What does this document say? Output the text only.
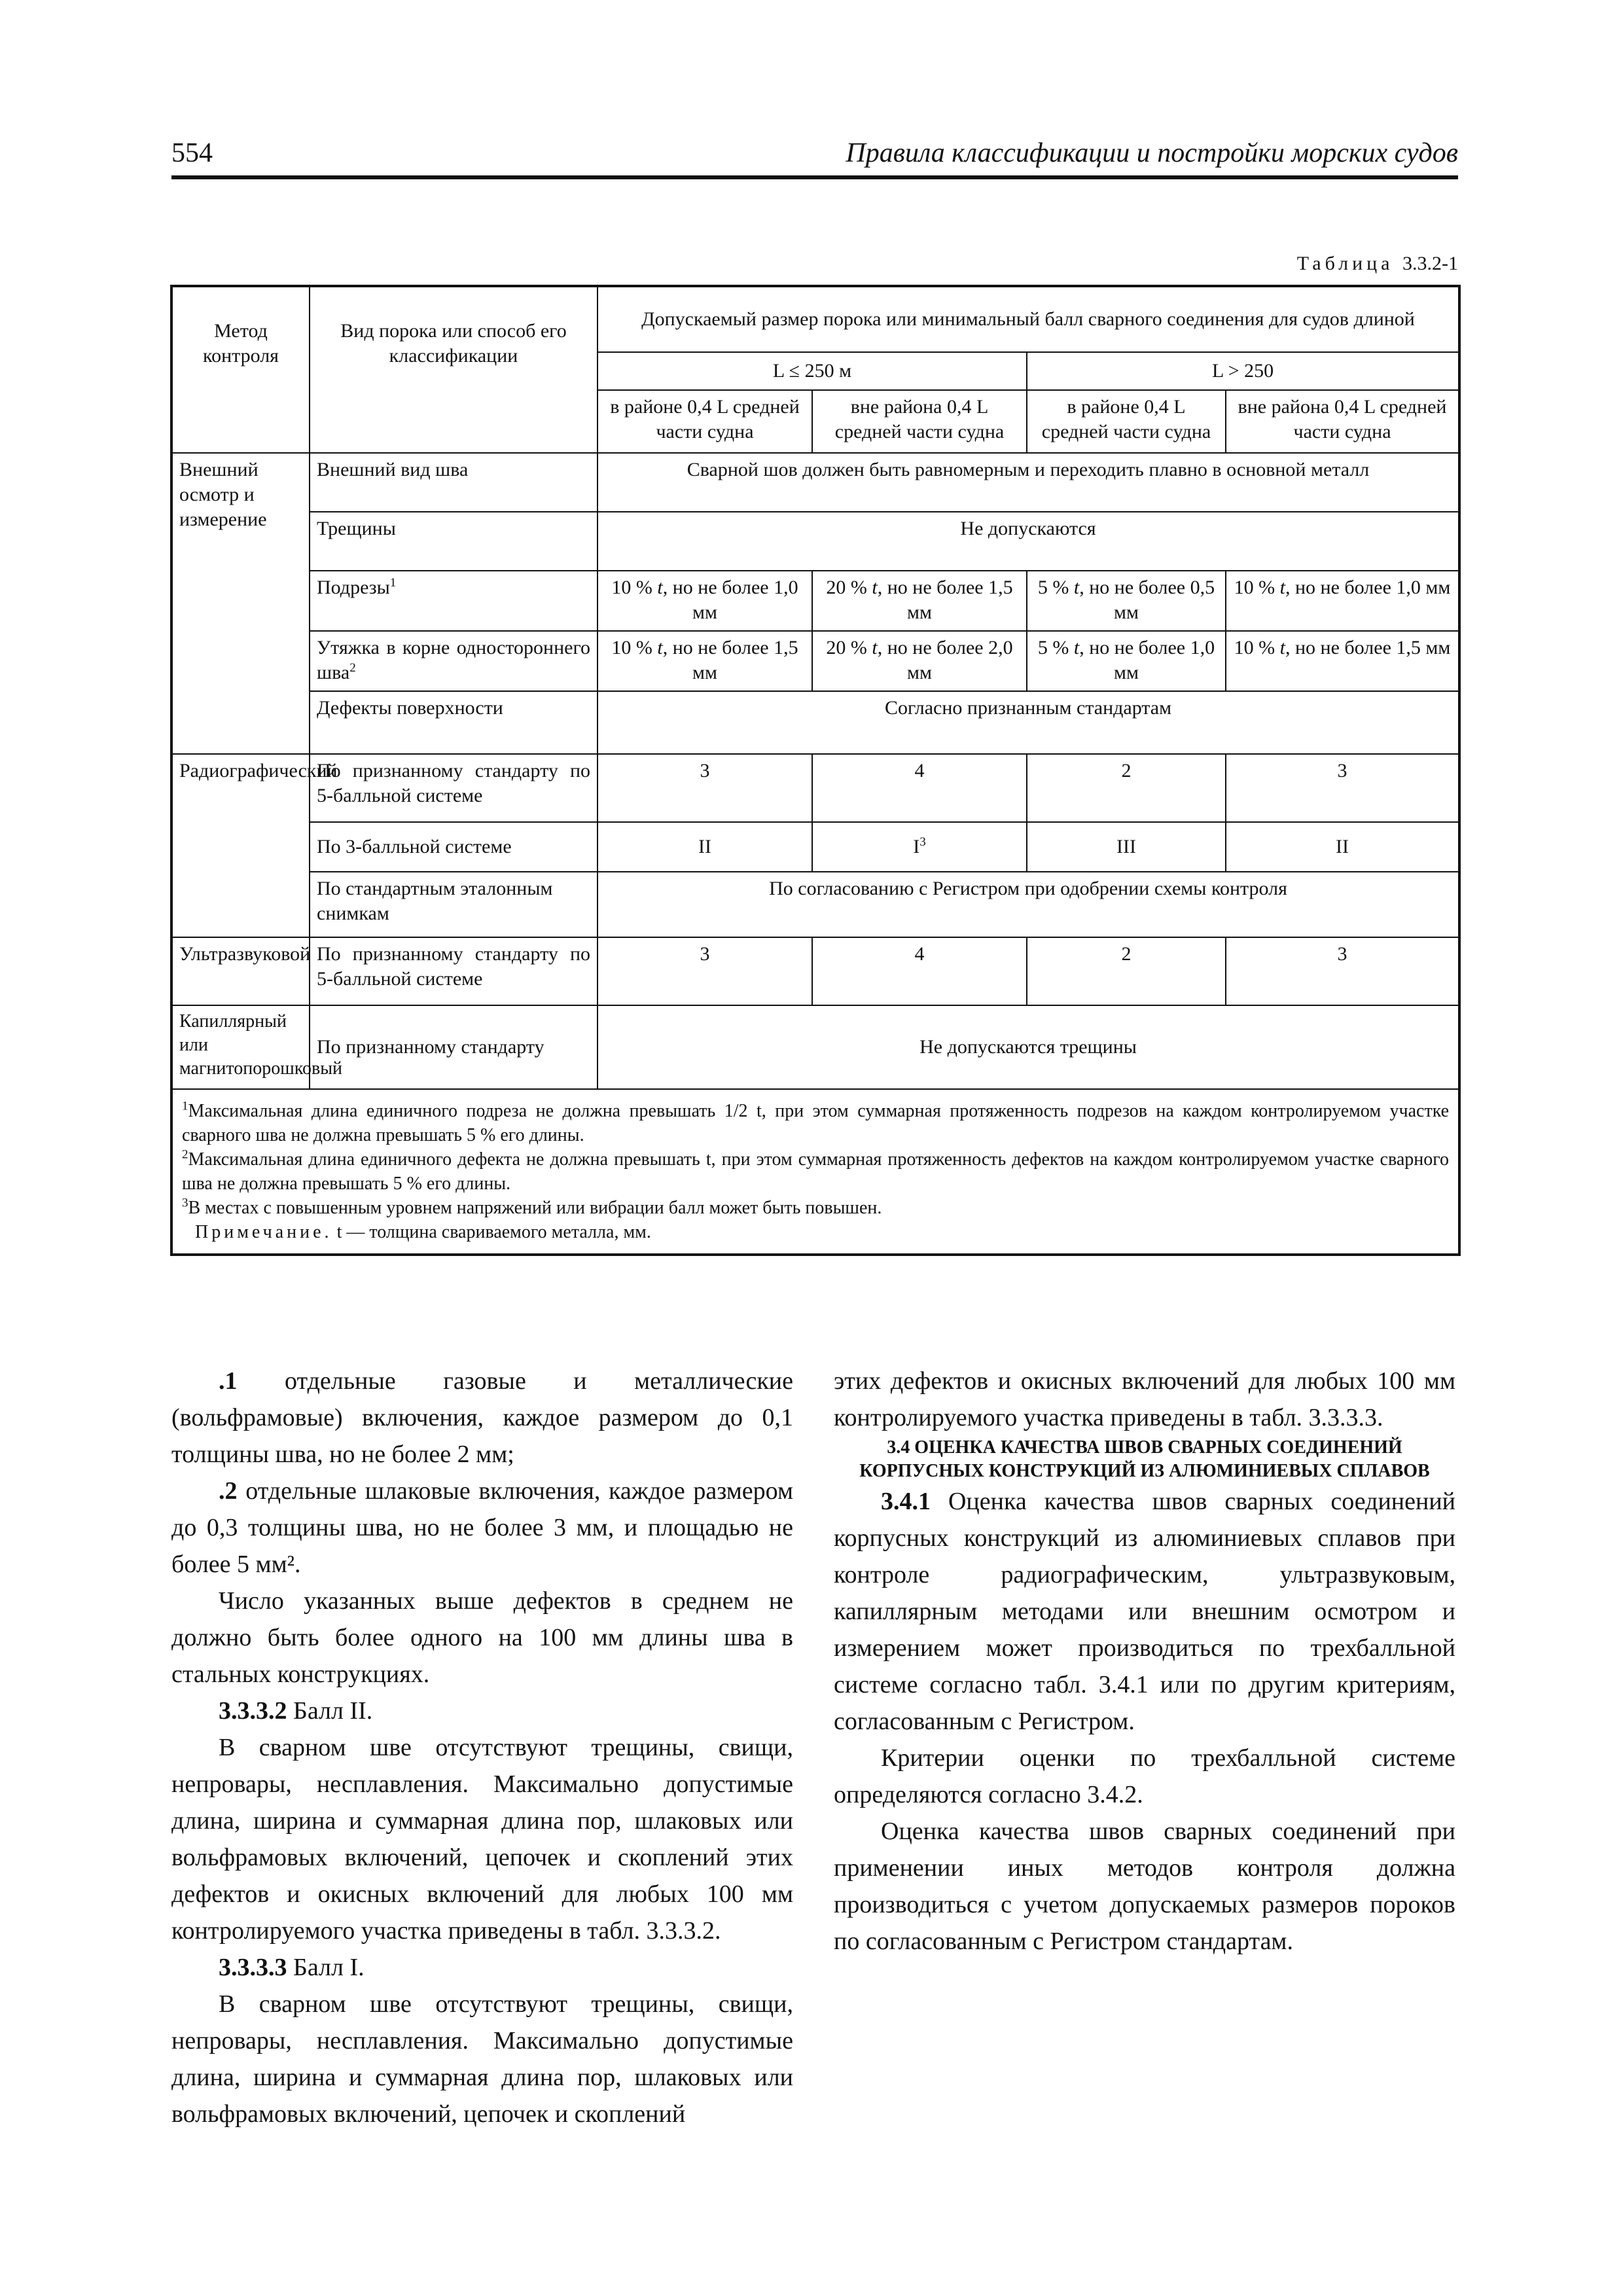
554	Правила классификации и постройки морских судов
Таблица 3.3.2-1
Метод контроля	Вид порока или способ его классификации	Допускаемый размер порока или минимальный балл сварного соединения для судов длиной			
		L ≤ 250 м		L > 250	
		в районе 0,4 L средней части судна	вне района 0,4 L средней части судна	в районе 0,4 L средней части судна	вне района 0,4 L средней части судна
Внешний осмотр и измерение	Внешний вид шва	Сварной шов должен быть равномерным и переходить плавно в основной металл			
	Трещины	Не допускаются			
	Подрезы$^1$	10 % t, но не более 1,0 мм	20 % t, но не более 1,5 мм	5 % t, но не более 0,5 мм	10 % t, но не более 1,0 мм
	Утяжка в корне одностороннего шва$^2$	10 % t, но не более 1,5 мм	20 % t, но не более 2,0 мм	5 % t, но не более 1,0 мм	10 % t, но не более 1,5 мм
	Дефекты поверхности	Согласно признанным стандартам			
Радиографический	По признанному стандарту по 5-балльной системе	3	4	2	3
	По 3-балльной системе	II	$I^3$	III	II
	По стандартным эталонным снимкам	По согласованию с Регистром при одобрении схемы контроля			
Ультразвуковой	По признанному стандарту по 5-балльной системе	3	4	2	3
Капиллярный или магнитопорошковый	По признанному стандарту	Не допускаются трещины			

$^1$Максимальная длина единичного подреза не должна превышать 1/2 t, при этом суммарная протяженность подрезов на каждом контролируемом участке сварного шва не должна превышать 5 % его длины.

$^2$Максимальная длина единичного дефекта не должна превышать t, при этом суммарная протяженность дефектов на каждом контролируемом участке сварного шва не должна превышать 5 % его длины.

$^3$В местах с повышенным уровнем напряжений или вибрации балл может быть повышен.

Примечание. t — толщина свариваемого металла, мм.					

.1 отдельные газовые и металлические (вольфрамовые) включения, каждое размером до 0,1 толщины шва, но не более 2 мм;

.2 отдельные шлаковые включения, каждое размером до 0,3 толщины шва, но не более 3 мм, и площадью не более 5 мм².

Число указанных выше дефектов в среднем не должно быть более одного на 100 мм длины шва в стальных конструкциях.

3.3.3.2 Балл II.

В сварном шве отсутствуют трещины, свищи, непровары, несплавления. Максимально допустимые длина, ширина и суммарная длина пор, шлаковых или вольфрамовых включений, цепочек и скоплений этих дефектов и окисных включений для любых 100 мм контролируемого участка приведены в табл. 3.3.3.2.

3.3.3.3 Балл I.

В сварном шве отсутствуют трещины, свищи, непровары, несплавления. Максимально допустимые длина, ширина и суммарная длина пор, шлаковых или вольфрамовых включений, цепочек и скоплений

этих дефектов и окисных включений для любых 100 мм контролируемого участка приведены в табл. 3.3.3.3.

3.4 ОЦЕНКА КАЧЕСТВА ШВОВ СВАРНЫХ СОЕДИНЕНИЙ КОРПУСНЫХ КОНСТРУКЦИЙ ИЗ АЛЮМИНИЕВЫХ СПЛАВОВ

3.4.1 Оценка качества швов сварных соединений корпусных конструкций из алюминиевых сплавов при контроле радиографическим, ультразвуковым, капиллярным методами или внешним осмотром и измерением может производиться по трехбалльной системе согласно табл. 3.4.1 или по другим критериям, согласованным с Регистром.

Критерии оценки по трехбалльной системе определяются согласно 3.4.2.

Оценка качества швов сварных соединений при применении иных методов контроля должна производиться с учетом допускаемых размеров пороков по согласованным с Регистром стандартам.
